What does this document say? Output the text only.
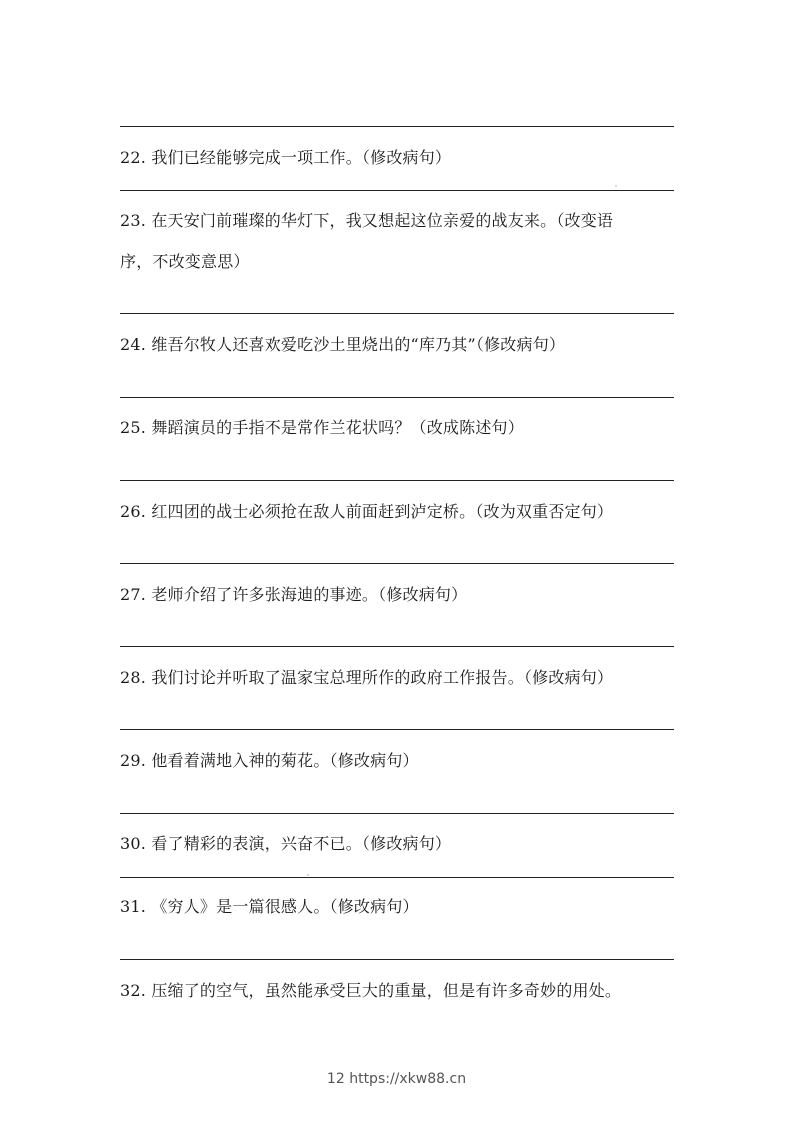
22. 我们已经能够完成一项工作。（修改病句）
23. 在天安门前璀璨的华灯下，我又想起这位亲爱的战友来。（改变语
序，不改变意思）
24. 维吾尔牧人还喜欢爱吃沙土里烧出的“库乃其”（修改病句）
25. 舞蹈演员的手指不是常作兰花状吗？（改成陈述句）
26. 红四团的战士必须抢在敌人前面赶到泸定桥。（改为双重否定句）
27. 老师介绍了许多张海迪的事迹。（修改病句）
28. 我们讨论并听取了温家宝总理所作的政府工作报告。（修改病句）
29. 他看着满地入神的菊花。（修改病句）
30. 看了精彩的表演，兴奋不已。（修改病句）
31. 《穷人》是一篇很感人。（修改病句）
32. 压缩了的空气，虽然能承受巨大的重量，但是有许多奇妙的用处。
12 https://xkw88.cn
